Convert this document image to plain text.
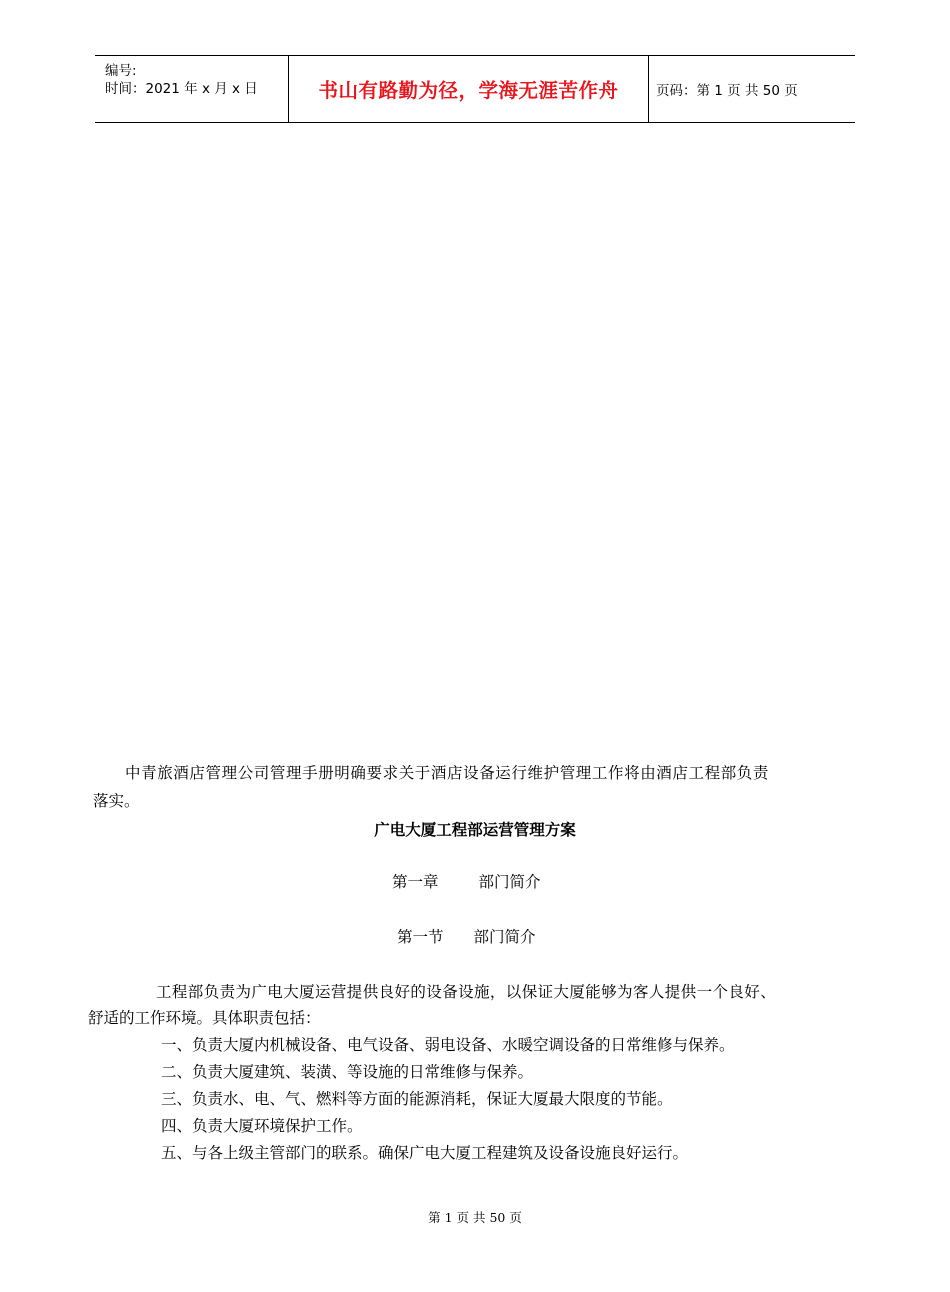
编号:
时间：2021 年 x 月 x 日	书山有路勤为径，学海无涯苦作舟	页码：第 1 页 共 50 页
中青旅酒店管理公司管理手册明确要求关于酒店设备运行维护管理工作将由酒店工程部负责
落实。
广电大厦工程部运营管理方案
第一章	部门简介
第一节 部门简介
工程部负责为广电大厦运营提供良好的设备设施，以保证大厦能够为客人提供一个良好、
舒适的工作环境。具体职责包括：
一、负责大厦内机械设备、电气设备、弱电设备、水暖空调设备的日常维修与保养。
二、负责大厦建筑、装潢、等设施的日常维修与保养。
三、负责水、电、气、燃料等方面的能源消耗，保证大厦最大限度的节能。
四、负责大厦环境保护工作。
五、与各上级主管部门的联系。确保广电大厦工程建筑及设备设施良好运行。
第 1 页 共 50 页
